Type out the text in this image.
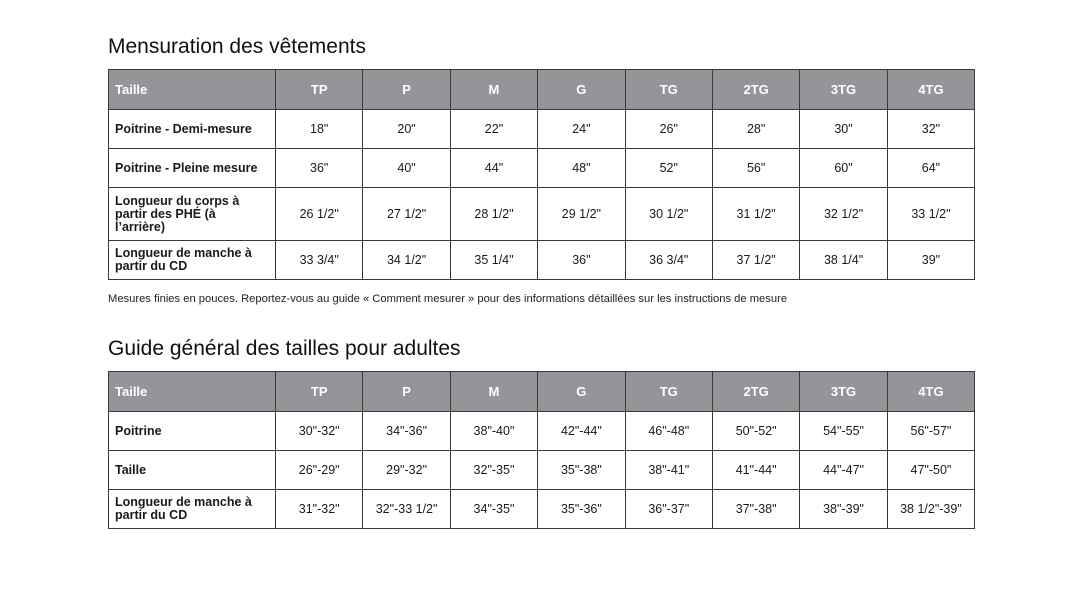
Mensuration des vêtements
Taille	TP	P	M	G	TG	2TG	3TG	4TG
Poitrine - Demi-mesure	18"	20"	22"	24"	26"	28"	30"	32"
Poitrine - Pleine mesure	36"	40"	44"	48"	52"	56"	60"	64"
Longueur du corps à partir des PHÉ (à l’arrière)	26 1/2"	27 1/2"	28 1/2"	29 1/2"	30 1/2"	31 1/2"	32 1/2"	33 1/2"
Longueur de manche à partir du CD	33 3/4"	34 1/2"	35 1/4"	36"	36 3/4"	37 1/2"	38 1/4"	39"

Mesures finies en pouces. Reportez-vous au guide « Comment mesurer » pour des informations détaillées sur les instructions de mesure

Guide général des tailles pour adultes
Taille	TP	P	M	G	TG	2TG	3TG	4TG
Poitrine	30"-32"	34"-36"	38"-40"	42"-44"	46"-48"	50"-52"	54"-55"	56"-57"
Taille	26"-29"	29"-32"	32"-35"	35"-38"	38"-41"	41"-44"	44"-47"	47"-50"
Longueur de manche à partir du CD	31"-32"	32"-33 1/2"	34"-35"	35"-36"	36"-37"	37"-38"	38"-39"	38 1/2"-39"
